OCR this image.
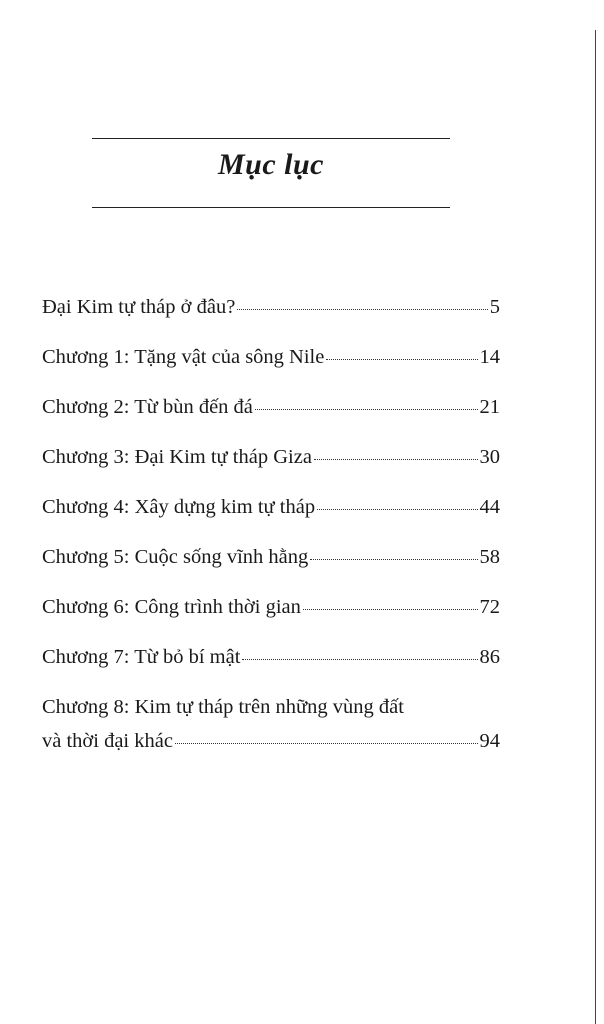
Mục lục
Đại Kim tự tháp ở đâu?	5
Chương 1: Tặng vật của sông Nile	14
Chương 2: Từ bùn đến đá	21
Chương 3: Đại Kim tự tháp Giza	30
Chương 4: Xây dựng kim tự tháp	44
Chương 5: Cuộc sống vĩnh hằng	58
Chương 6: Công trình thời gian	72
Chương 7: Từ bỏ bí mật	86
Chương 8: Kim tự tháp trên những vùng đất
và thời đại khác	94
